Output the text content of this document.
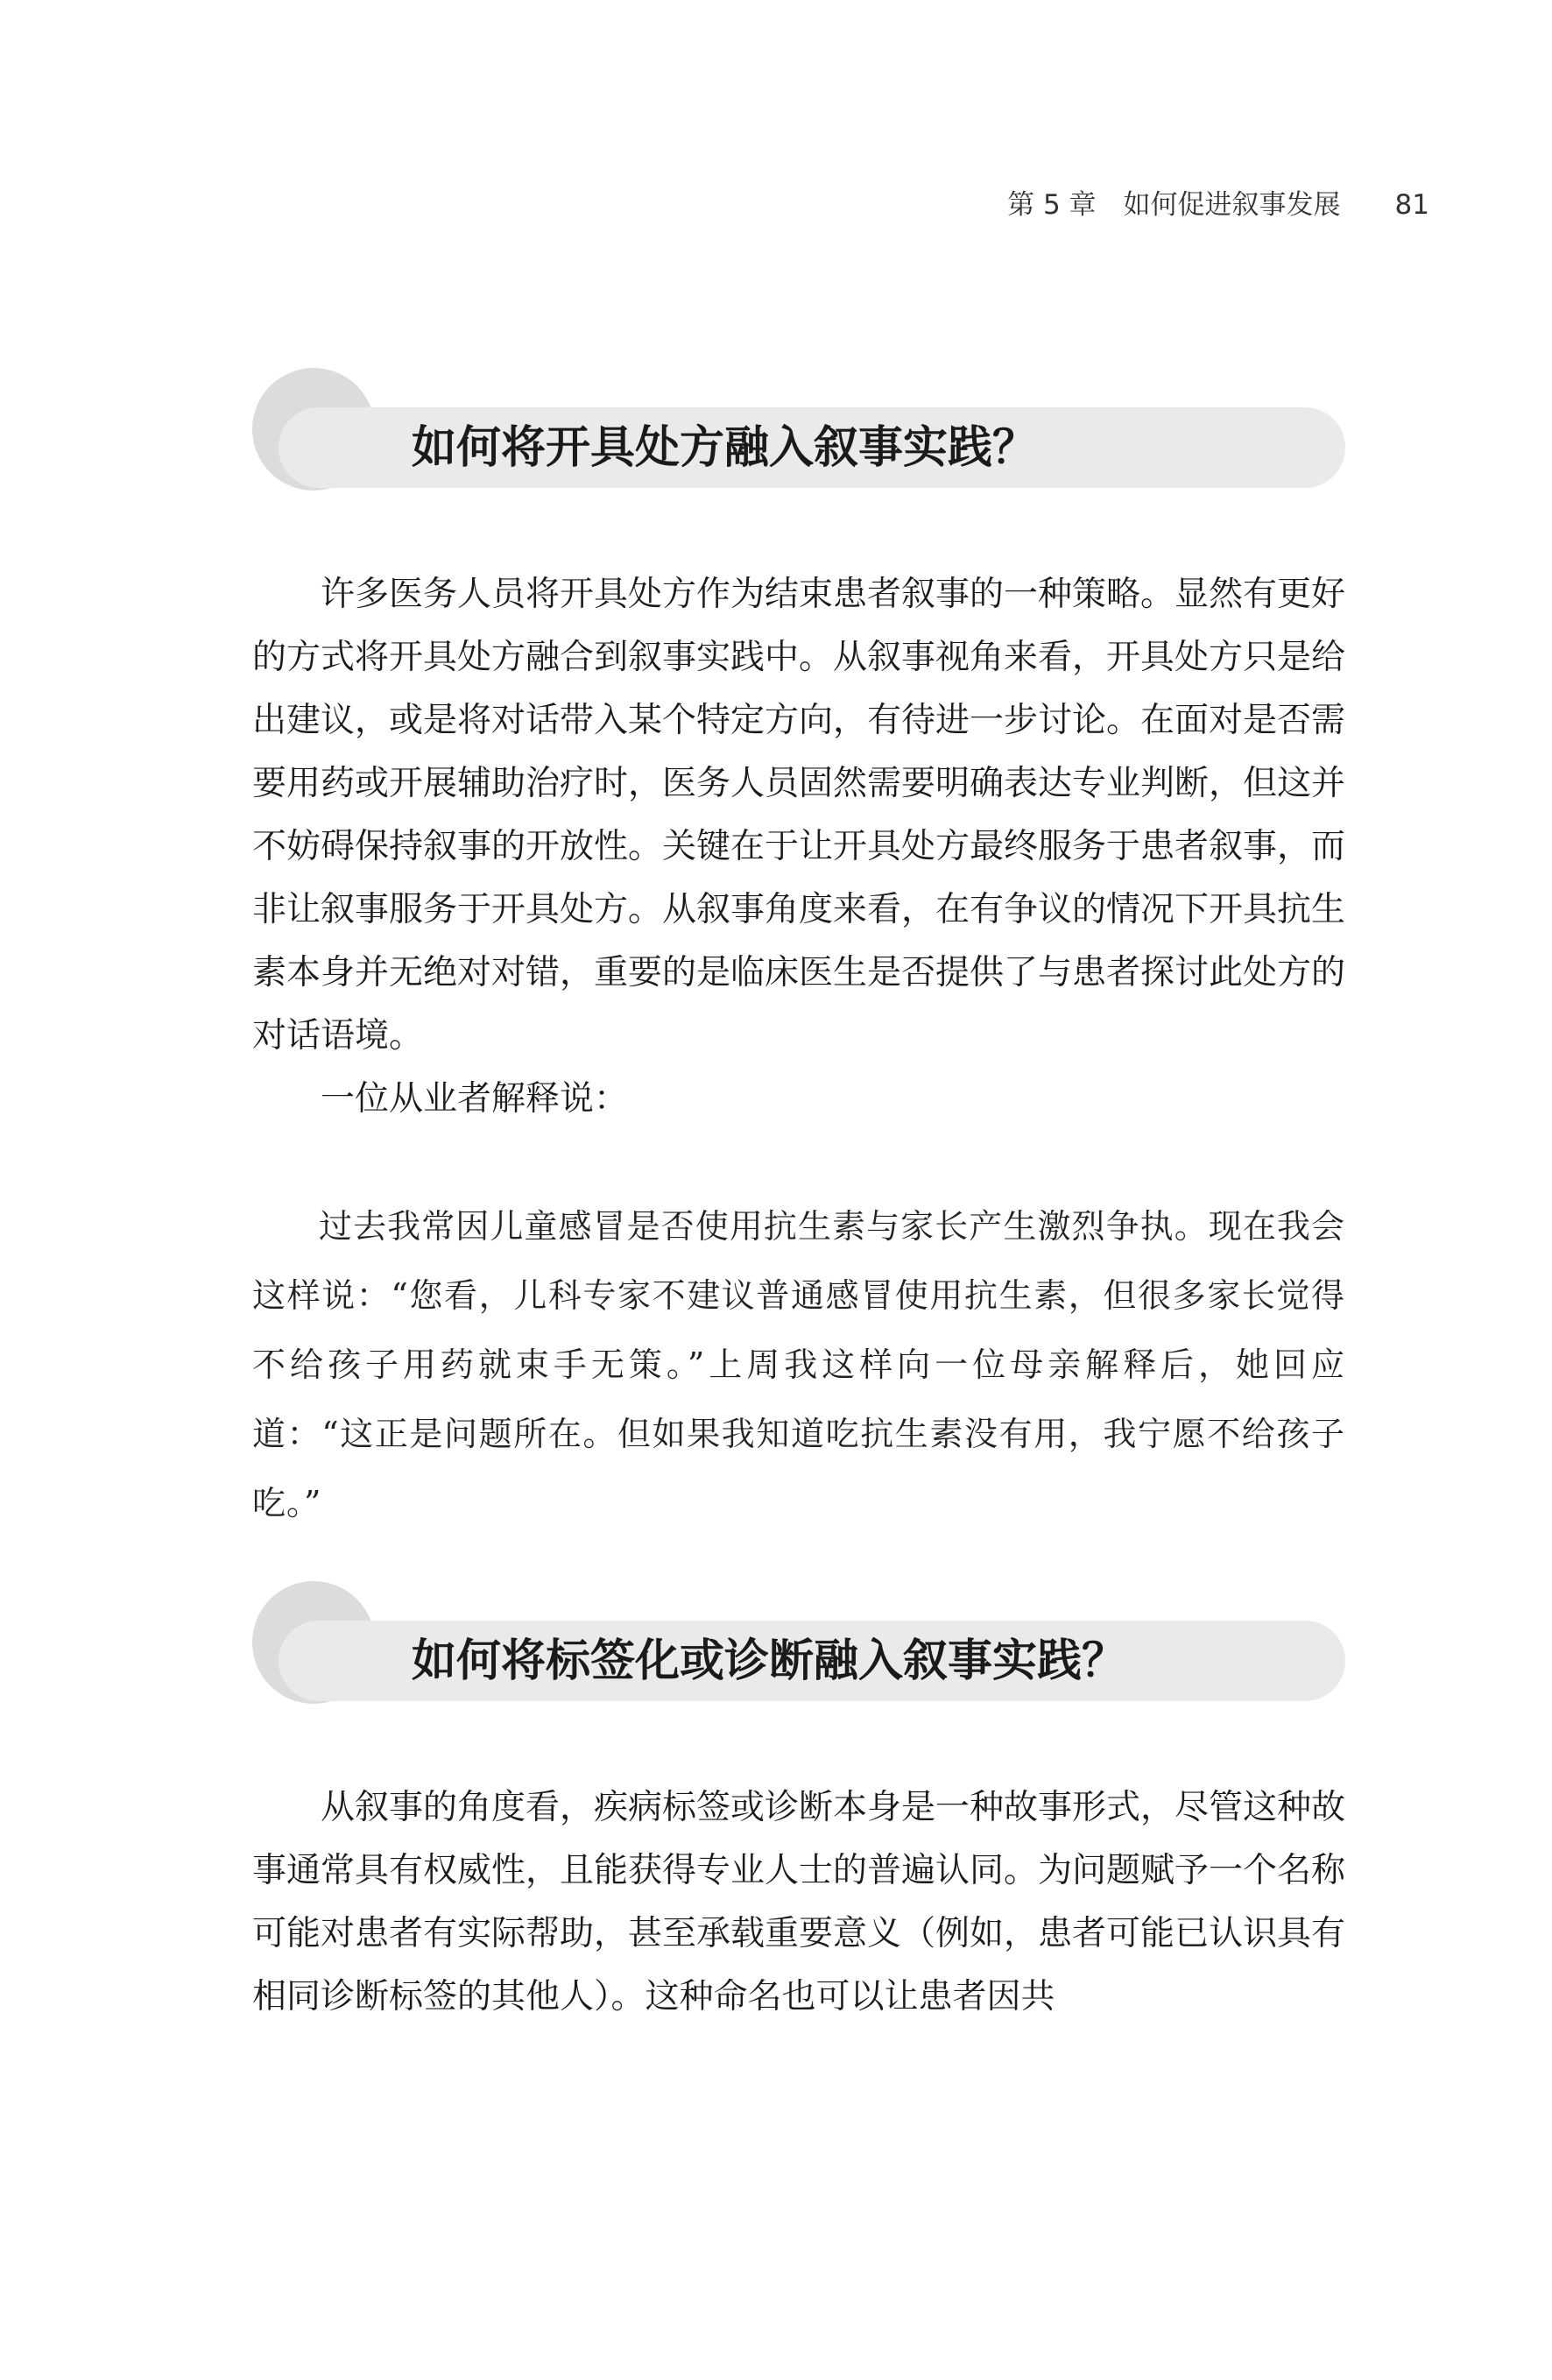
第 5 章　如何促进叙事发展 81
如何将开具处方融入叙事实践？

许多医务人员将开具处方作为结束患者叙事的一种策略。显然有更好的方式将开具处方融合到叙事实践中。从叙事视角来看，开具处方只是给出建议，或是将对话带入某个特定方向，有待进一步讨论。在面对是否需要用药或开展辅助治疗时，医务人员固然需要明确表达专业判断，但这并不妨碍保持叙事的开放性。关键在于让开具处方最终服务于患者叙事，而非让叙事服务于开具处方。从叙事角度来看，在有争议的情况下开具抗生素本身并无绝对对错，重要的是临床医生是否提供了与患者探讨此处方的对话语境。

一位从业者解释说：

过去我常因儿童感冒是否使用抗生素与家长产生激烈争执。现在我会这样说：“您看，儿科专家不建议普通感冒使用抗生素，但很多家长觉得不给孩子用药就束手无策。”上周我这样向一位母亲解释后，她回应道：“这正是问题所在。但如果我知道吃抗生素没有用，我宁愿不给孩子吃。”

如何将标签化或诊断融入叙事实践？

从叙事的角度看，疾病标签或诊断本身是一种故事形式，尽管这种故事通常具有权威性，且能获得专业人士的普遍认同。为问题赋予一个名称可能对患者有实际帮助，甚至承载重要意义（例如，患者可能已认识具有相同诊断标签的其他人）。这种命名也可以让患者因共
